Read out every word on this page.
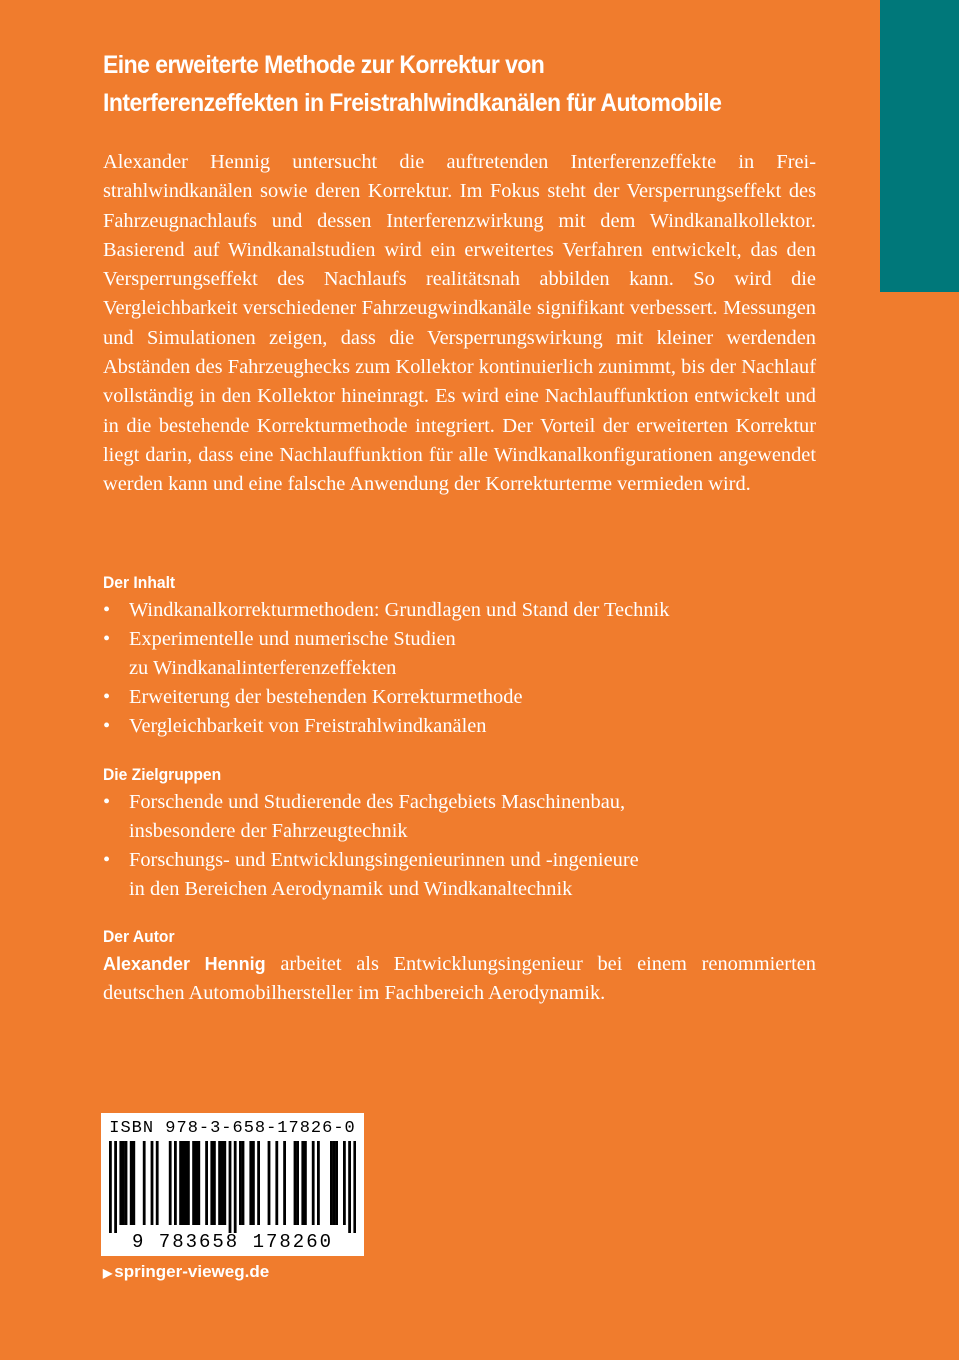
Eine erweiterte Methode zur Korrektur von
Interferenzeffekten in Freistrahlwindkanälen für Automobile

Alexander Hennig untersucht die auftretenden Interferenzeffekte in Freistrahlwindkanälen sowie deren Korrektur. Im Fokus steht der Versperrungseffekt des Fahrzeugnachlaufs und dessen Interferenzwirkung mit dem Windkanalkollektor. Basierend auf Windkanalstudien wird ein erweitertes Verfahren entwickelt, das den Versperrungseffekt des Nachlaufs realitätsnah abbilden kann. So wird die Vergleichbarkeit verschiedener Fahrzeugwindkanäle signifikant verbessert. Messungen und Simulationen zeigen, dass die Versperrungswirkung mit kleiner werdenden Abständen des Fahrzeughecks zum Kollektor kontinuierlich zunimmt, bis der Nachlauf vollständig in den Kollektor hineinragt. Es wird eine Nachlauffunktion entwickelt und in die bestehende Korrekturmethode integriert. Der Vorteil der erweiterten Korrektur liegt darin, dass eine Nachlauffunktion für alle Windkanalkonfigurationen angewendet werden kann und eine falsche Anwendung der Korrekturterme vermieden wird.

Der Inhalt
• Windkanalkorrekturmethoden: Grundlagen und Stand der Technik
• Experimentelle und numerische Studien
zu Windkanalinterferenzeffekten
• Erweiterung der bestehenden Korrekturmethode
• Vergleichbarkeit von Freistrahlwindkanälen
Die Zielgruppen
• Forschende und Studierende des Fachgebiets Maschinenbau,
insbesondere der Fahrzeugtechnik
• Forschungs- und Entwicklungsingenieurinnen und -ingenieure
in den Bereichen Aerodynamik und Windkanaltechnik
Der Autor
Alexander Hennig arbeitet als Entwicklungsingenieur bei einem renommierten deutschen Automobilhersteller im Fachbereich Aerodynamik.
ISBN 978-3-658-17826-0
9 783658 178260
▶ springer-vieweg.de
